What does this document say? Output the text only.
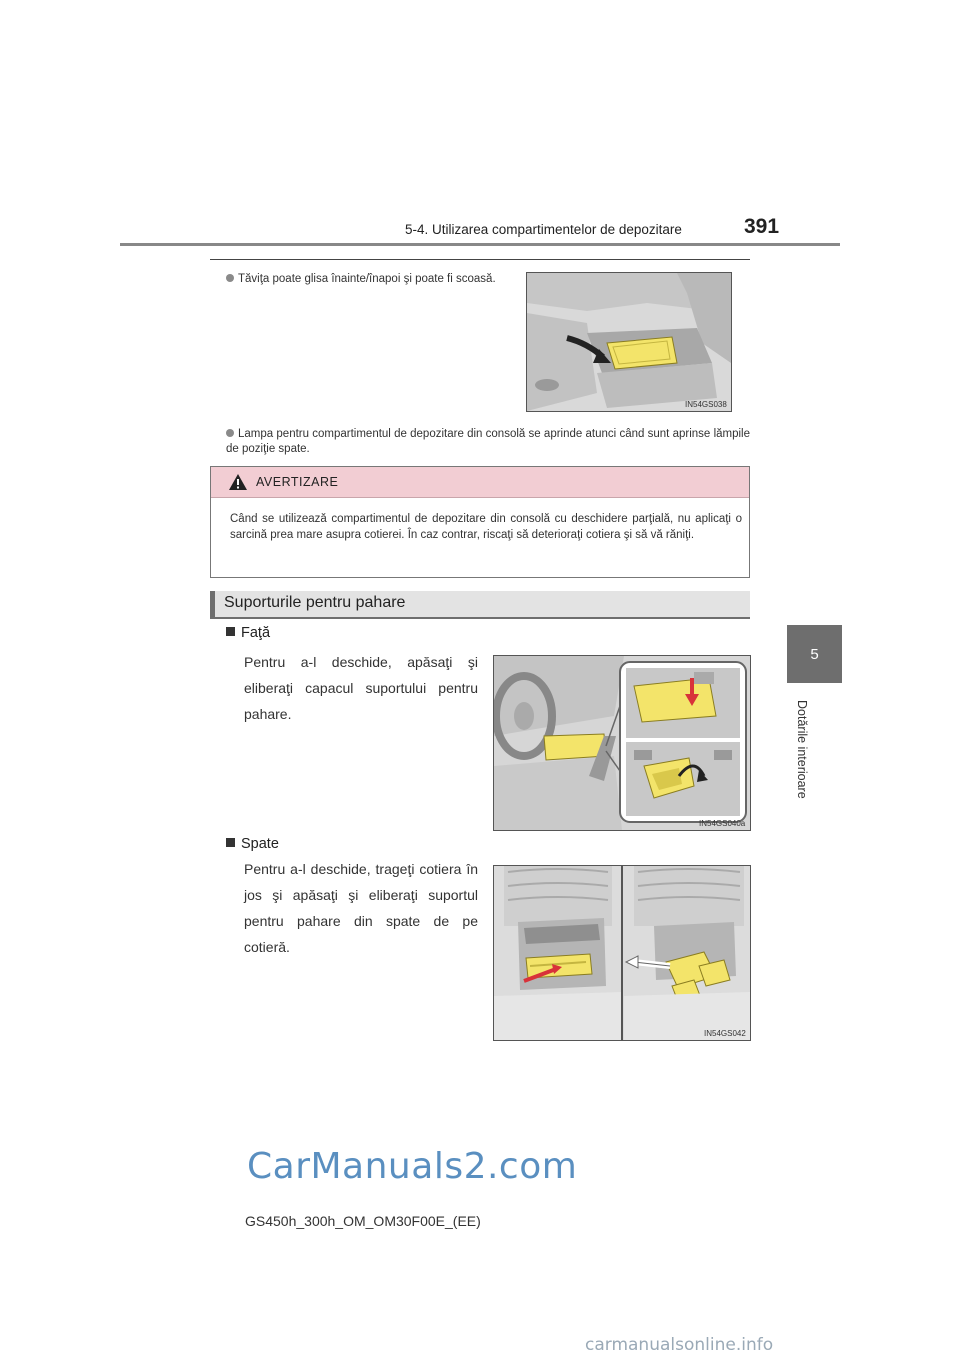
5-4. Utilizarea compartimentelor de depozitare	391
5
Dotările interioare
Tăviţa poate glisa înainte/înapoi şi poate fi scoasă.
Lampa pentru compartimentul de depozitare din consolă se aprinde atunci când sunt aprinse lămpile de poziţie spate.
IN54GS038
AVERTIZARE
Când se utilizează compartimentul de depozitare din consolă cu deschidere parţială, nu aplicaţi o sarcină prea mare asupra cotierei. În caz contrar, riscaţi să deterioraţi cotiera şi să vă răniţi.
Suporturile pentru pahare
Faţă
Pentru a-l deschide, apăsaţi şi eliberaţi capacul suportului pentru pahare.
IN54GS040a
Spate
Pentru a-l deschide, trageţi cotiera în jos şi apăsaţi şi eliberaţi suportul pentru pahare din spate de pe cotieră.
IN54GS042
CarManuals2.com
GS450h_300h_OM_OM30F00E_(EE)
carmanualsonline.info
